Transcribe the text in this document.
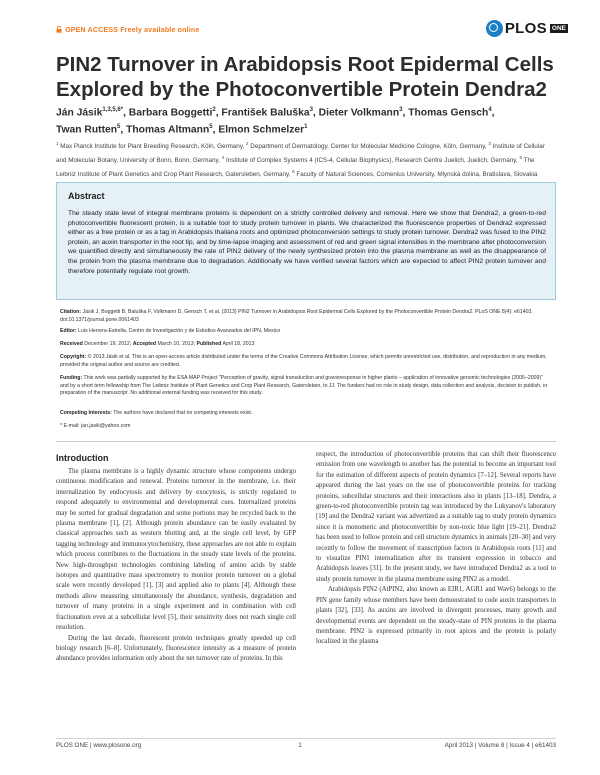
OPEN ACCESS Freely available online	PLOS ONE
PIN2 Turnover in Arabidopsis Root Epidermal Cells Explored by the Photoconvertible Protein Dendra2
Ján Jásik$^{1,3,5,6*}$, Barbara Boggetti$^2$, František Baluška$^3$, Dieter Volkmann$^3$, Thomas Gensch$^4$,
Twan Rutten$^5$, Thomas Altmann$^5$, Elmon Schmelzer$^1$
$^1$ Max Planck Institute for Plant Breeding Research, Köln, Germany, $^2$ Department of Dermatology, Center for Molecular Medicine Cologne, Köln, Germany, $^3$ Institute of Cellular and Molecular Botany, University of Bonn, Bonn, Germany, $^4$ Institute of Complex Systems 4 (ICS-4, Cellular Biophysics), Research Centre Juelich, Juelich, Germany, $^5$ The Leibniz Institute of Plant Genetics and Crop Plant Research, Gatersleben, Germany, $^6$ Faculty of Natural Sciences, Comenius University, Mlynská dolina, Bratislava, Slovakia
Abstract
The steady state level of integral membrane proteins is dependent on a strictly controlled delivery and removal. Here we show that Dendra2, a green-to-red photoconvertible fluorescent protein, is a suitable tool to study protein turnover in plants. We characterized the fluorescence properties of Dendra2 expressed either as a free protein or as a tag in Arabidopsis thaliana roots and optimized photoconversion settings to study protein turnover. Dendra2 was fused to the PIN2 protein, an auxin transporter in the root tip, and by time-lapse imaging and assessment of red and green signal intensities in the membrane after photoconversion we quantified directly and simultaneously the rate of PIN2 delivery of the newly synthesized protein into the plasma membrane as well as the disappearance of the protein from the plasma membrane due to degradation. Additionally we have verified several factors which are expected to affect PIN2 protein turnover and therefore potentially regulate root growth.
Citation: Jásik J, Boggetti B, Baluška F, Volkmann D, Gensch T, et al. (2013) PIN2 Turnover in Arabidopsis Root Epidermal Cells Explored by the Photoconvertible Protein Dendra2. PLoS ONE 8(4): e61403. doi:10.1371/journal.pone.0061403
Editor: Luis Herrera-Estrella, Centro de Investigación y de Estudios Avanzados del IPN, Mexico
Received December 19, 2012; Accepted March 10, 2013; Published April 18, 2013
Copyright: © 2013 Jásik et al. This is an open-access article distributed under the terms of the Creative Commons Attribution License, which permits unrestricted use, distribution, and reproduction in any medium, provided the original author and source are credited.
Funding: This work was partially supported by the ESA MAP Project "Perception of gravity, signal transduction and gravioresponse in higher plants – application of innovative genomic technologies (2005–2009)" and by a short term fellowship from The Leibniz Institute of Plant Genetics and Crop Plant Research, Gatersleben, to JJ. The funders had no role in study design, data collection and analysis, decision to publish, or preparation of the manuscript. No additional external funding was received for this study.
Competing Interests: The authors have declared that no competing interests exist.
* E-mail: jan.jasik@yahoo.com
Introduction

The plasma membrane is a highly dynamic structure whose components undergo continuous modification and renewal. Proteins turnover in the membrane, i.e. their internalization by endocytosis and delivery by exocytosis, is strictly regulated to respond adequately to environmental and developmental cues. Internalized proteins may be sorted for gradual degradation and some portions may be recycled back to the plasma membrane [1], [2]. Although protein abundance can be easily evaluated by classical approaches such as western blotting and, at the single cell level, by GFP tagging technology and immunocytochemistry, these approaches are not able to explain which process contributes to the fluctuations in the steady state levels of the proteins. New high-throughput technologies combining labeling of amino acids by stable isotopes and quantitative mass spectrometry to monitor protein turnover on a global scale were recently developed [1], [3] and applied also to plants [4]. Although these methods allow measuring simultaneously the abundance, synthesis, degradation and turnover of many proteins in a single experiment and in combination with cell fractionation even at a subcellular level [5], their sensitivity does not reach single cell resolution.

During the last decade, fluorescent protein techniques greatly speeded up cell biology research [6–8]. Unfortunately, fluorescence intensity as a measure of protein abundance provides information only about the net turnover rate of proteins. In this

respect, the introduction of photoconvertible proteins that can shift their fluorescence emission from one wavelength to another has the potential to become an important tool for the estimation of different aspects of protein dynamics [7–12]. Several reports have appeared during the last years on the use of photoconvertible proteins for tracking proteins, subcellular structures and their interactions also in plants [13–18]. Dendra, a green-to-red photoconvertible protein tag was introduced by the Lukyanov's laboratory [19] and the Dendra2 variant was advertized as a suitable tag to study protein dynamics since it is monomeric and photoconvertible by non-toxic blue light [19–21]. Dendra2 has been used to follow protein and cell structure dynamics in animals [20–30] and very recently to follow the movement of transcription factors in Arabidopsis roots [11] and to visualize PIN1 internalization after its transient expression in tobacco and Arabidopsis leaves [31]. In the present study, we have introduced Dendra2 as a tool to study protein turnover in the plasma membrane using PIN2 as a model.

Arabidopsis PIN2 (AtPIN2, also known as EIR1, AGR1 and Wav6) belongs to the PIN gene family whose members have been demonstrated to code auxin transporters in plants [32], [33]. As auxins are involved in divergent processes, many growth and developmental events are dependent on the steady-state of PIN proteins in the plasma membrane. PIN2 is expressed primarily in root apices and the protein is polarly localized in the plasma

PLOS ONE | www.plosone.org	1	April 2013 | Volume 8 | Issue 4 | e61403
